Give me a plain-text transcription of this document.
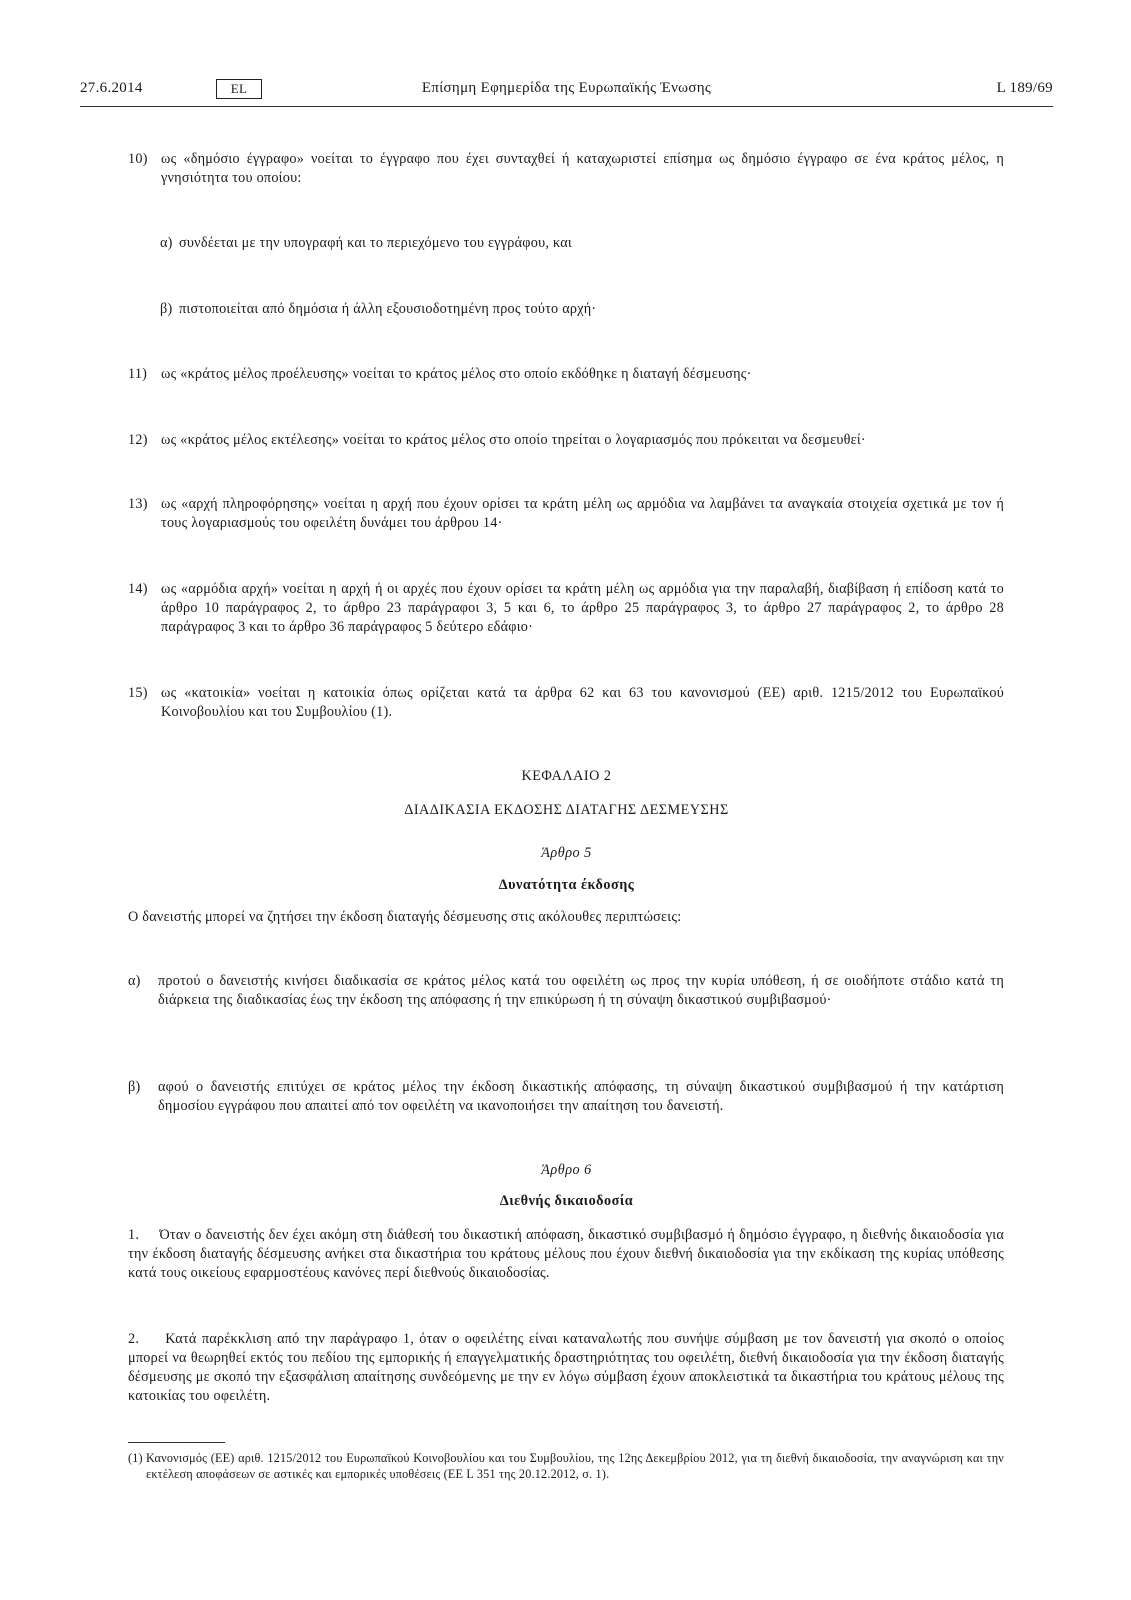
27.6.2014	EL	Επίσημη Εφημερίδα της Ευρωπαϊκής Ένωσης	L 189/69
10) ως «δημόσιο έγγραφο» νοείται το έγγραφο που έχει συνταχθεί ή καταχωριστεί επίσημα ως δημόσιο έγγραφο σε ένα κράτος μέλος, η γνησιότητα του οποίου:
α) συνδέεται με την υπογραφή και το περιεχόμενο του εγγράφου, και
β) πιστοποιείται από δημόσια ή άλλη εξουσιοδοτημένη προς τούτο αρχή·
11) ως «κράτος μέλος προέλευσης» νοείται το κράτος μέλος στο οποίο εκδόθηκε η διαταγή δέσμευσης·
12) ως «κράτος μέλος εκτέλεσης» νοείται το κράτος μέλος στο οποίο τηρείται ο λογαριασμός που πρόκειται να δεσμευθεί·
13) ως «αρχή πληροφόρησης» νοείται η αρχή που έχουν ορίσει τα κράτη μέλη ως αρμόδια να λαμβάνει τα αναγκαία στοιχεία σχετικά με τον ή τους λογαριασμούς του οφειλέτη δυνάμει του άρθρου 14·
14) ως «αρμόδια αρχή» νοείται η αρχή ή οι αρχές που έχουν ορίσει τα κράτη μέλη ως αρμόδια για την παραλαβή, διαβίβαση ή επίδοση κατά το άρθρο 10 παράγραφος 2, το άρθρο 23 παράγραφοι 3, 5 και 6, το άρθρο 25 παράγραφος 3, το άρθρο 27 παράγραφος 2, το άρθρο 28 παράγραφος 3 και το άρθρο 36 παράγραφος 5 δεύτερο εδάφιο·
15) ως «κατοικία» νοείται η κατοικία όπως ορίζεται κατά τα άρθρα 62 και 63 του κανονισμού (ΕΕ) αριθ. 1215/2012 του Ευρωπαϊκού Κοινοβουλίου και του Συμβουλίου (1).
ΚΕΦΑΛΑΙΟ 2
ΔΙΑΔΙΚΑΣΙΑ ΕΚΔΟΣΗΣ ΔΙΑΤΑΓΗΣ ΔΕΣΜΕΥΣΗΣ
Άρθρο 5
Δυνατότητα έκδοσης
Ο δανειστής μπορεί να ζητήσει την έκδοση διαταγής δέσμευσης στις ακόλουθες περιπτώσεις:
α) προτού ο δανειστής κινήσει διαδικασία σε κράτος μέλος κατά του οφειλέτη ως προς την κυρία υπόθεση, ή σε οιοδήποτε στάδιο κατά τη διάρκεια της διαδικασίας έως την έκδοση της απόφασης ή την επικύρωση ή τη σύναψη δικαστικού συμβιβασμού·
β) αφού ο δανειστής επιτύχει σε κράτος μέλος την έκδοση δικαστικής απόφασης, τη σύναψη δικαστικού συμβιβασμού ή την κατάρτιση δημοσίου εγγράφου που απαιτεί από τον οφειλέτη να ικανοποιήσει την απαίτηση του δανειστή.
Άρθρο 6
Διεθνής δικαιοδοσία
1. Όταν ο δανειστής δεν έχει ακόμη στη διάθεσή του δικαστική απόφαση, δικαστικό συμβιβασμό ή δημόσιο έγγραφο, η διεθνής δικαιοδοσία για την έκδοση διαταγής δέσμευσης ανήκει στα δικαστήρια του κράτους μέλους που έχουν διεθνή δικαιοδοσία για την εκδίκαση της κυρίας υπόθεσης κατά τους οικείους εφαρμοστέους κανόνες περί διεθνούς δικαιοδοσίας.
2. Κατά παρέκκλιση από την παράγραφο 1, όταν ο οφειλέτης είναι καταναλωτής που συνήψε σύμβαση με τον δανειστή για σκοπό ο οποίος μπορεί να θεωρηθεί εκτός του πεδίου της εμπορικής ή επαγγελματικής δραστηριότητας του οφειλέτη, διεθνή δικαιοδοσία για την έκδοση διαταγής δέσμευσης με σκοπό την εξασφάλιση απαίτησης συνδεόμενης με την εν λόγω σύμβαση έχουν αποκλειστικά τα δικαστήρια του κράτους μέλους της κατοικίας του οφειλέτη.
(1) Κανονισμός (ΕΕ) αριθ. 1215/2012 του Ευρωπαϊκού Κοινοβουλίου και του Συμβουλίου, της 12ης Δεκεμβρίου 2012, για τη διεθνή δικαιοδοσία, την αναγνώριση και την εκτέλεση αποφάσεων σε αστικές και εμπορικές υποθέσεις (ΕΕ L 351 της 20.12.2012, σ. 1).
